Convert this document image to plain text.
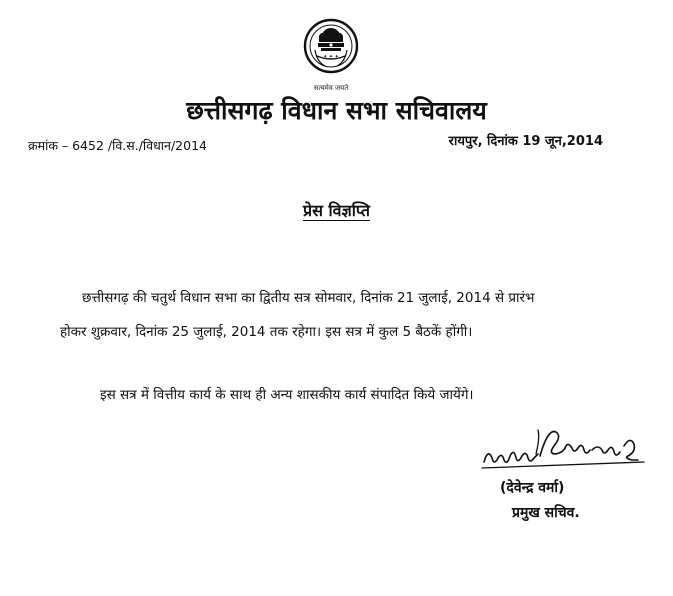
✦ ✦ ✦
सत्यमेव जयते
छत्तीसगढ़ विधान सभा सचिवालय
क्रमांक – 6452 /वि.स./विधान/2014	रायपुर, दिनांक 19 जून,2014
प्रेस विज्ञप्ति
छत्तीसगढ़ की चतुर्थ विधान सभा का द्वितीय सत्र सोमवार, दिनांक 21 जुलाई, 2014 से प्रारंभ
होकर शुक्रवार, दिनांक 25 जुलाई, 2014 तक रहेगा। इस सत्र में कुल 5 बैठकें होंगी।
इस सत्र में वित्तीय कार्य के साथ ही अन्य शासकीय कार्य संपादित किये जायेंगे।
(देवेन्द्र वर्मा)
प्रमुख सचिव.
